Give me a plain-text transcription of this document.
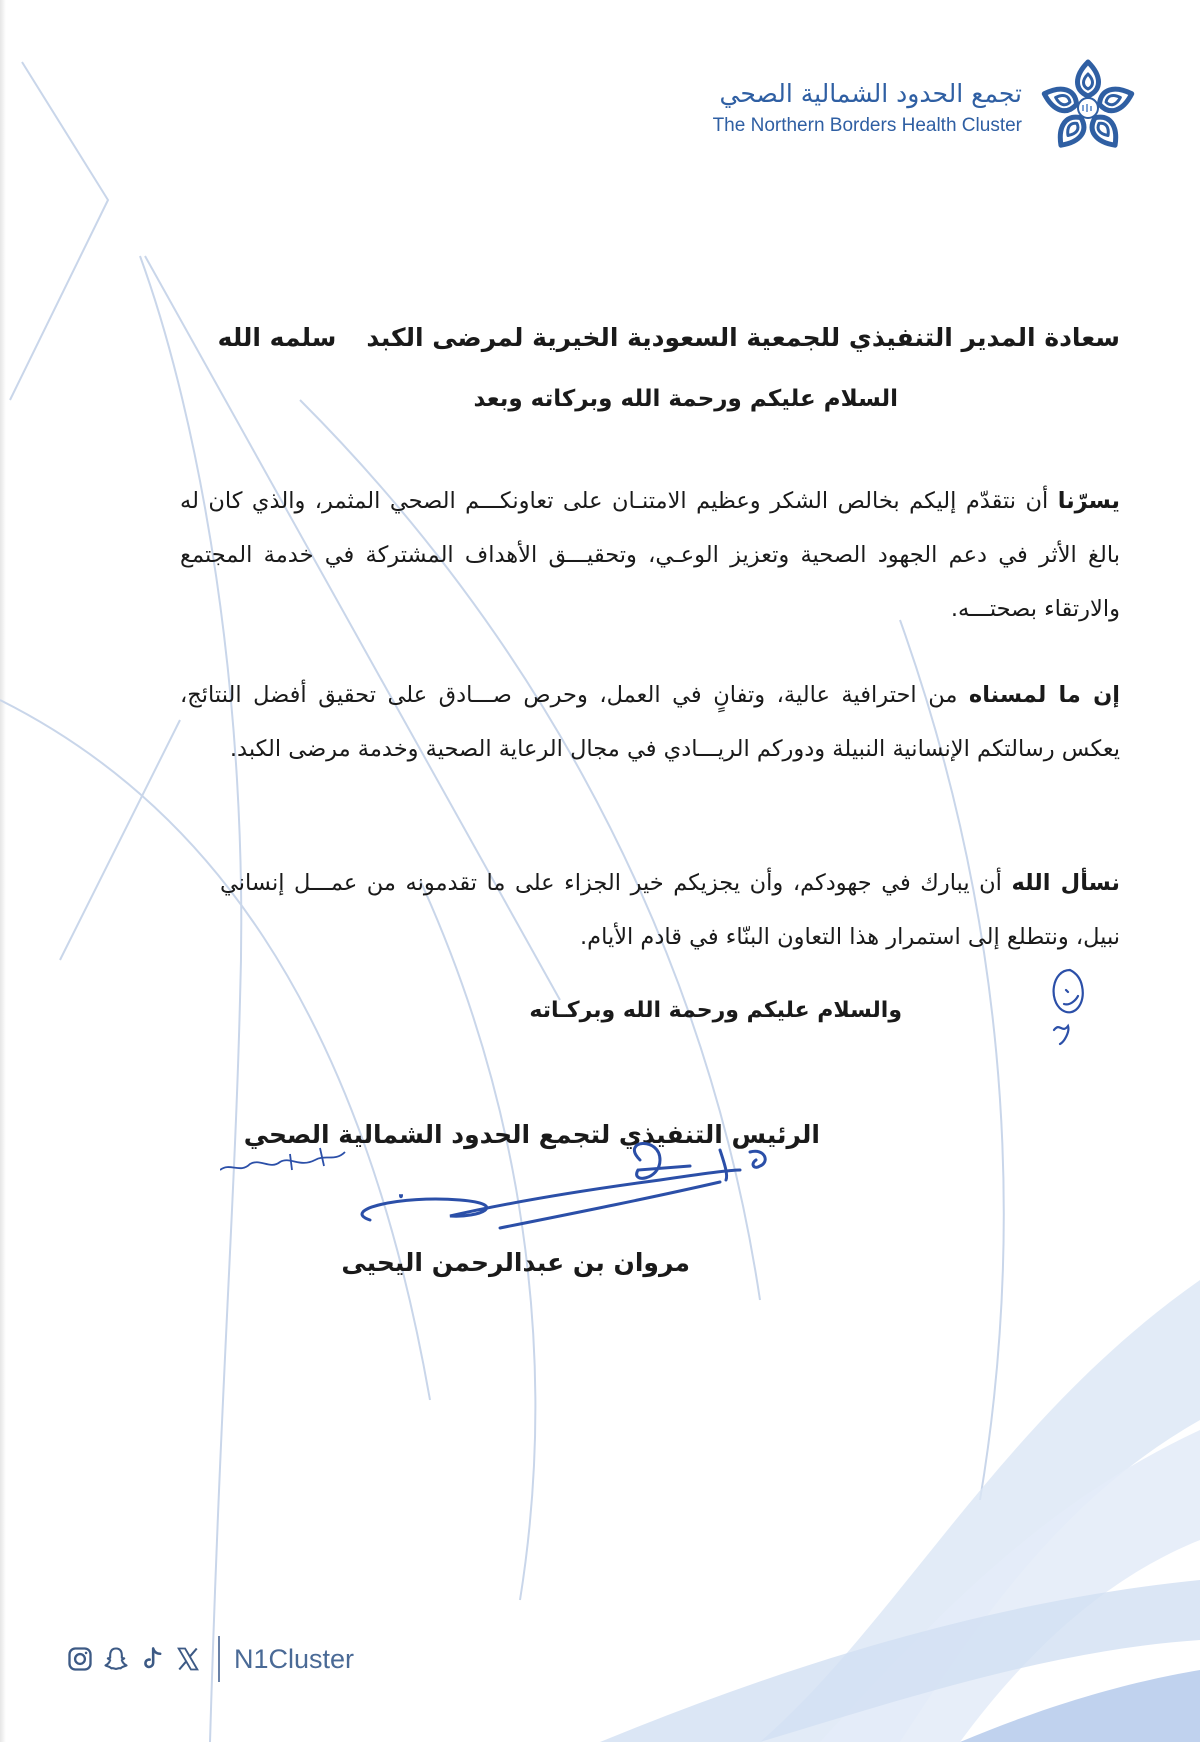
تجمع الحدود الشمالية الصحي
The Northern Borders Health Cluster
سعادة المدير التنفيذي للجمعية السعودية الخيرية لمرضى الكبدسلمه الله
السلام عليكم ورحمة الله وبركاته وبعد
يسرّنا أن نتقدّم إليكم بخالص الشكر وعظيم الامتنـان على تعاونكـــم الصحي المثمر، والذي كان له بالغ الأثر في دعم الجهود الصحية وتعزيز الوعـي، وتحقيـــق الأهداف المشتركة في خدمة المجتمع والارتقاء بصحتـــه.
إن ما لمسناه من احترافية عالية، وتفانٍ في العمل، وحرص صـــادق على تحقيق أفضل النتائج، يعكس رسالتكم الإنسانية النبيلة ودوركم الريـــادي في مجال الرعاية الصحية وخدمة مرضى الكبد.
نسأل الله أن يبارك في جهودكم، وأن يجزيكم خير الجزاء على ما تقدمونه من عمـــل إنساني نبيل، ونتطلع إلى استمرار هذا التعاون البنّاء في قادم الأيام.
والسلام عليكم ورحمة الله وبركـاته
الرئيس التنفيذي لتجمع الحدود الشمالية الصحي
مروان بن عبدالرحمن اليحيى
N1Cluster
